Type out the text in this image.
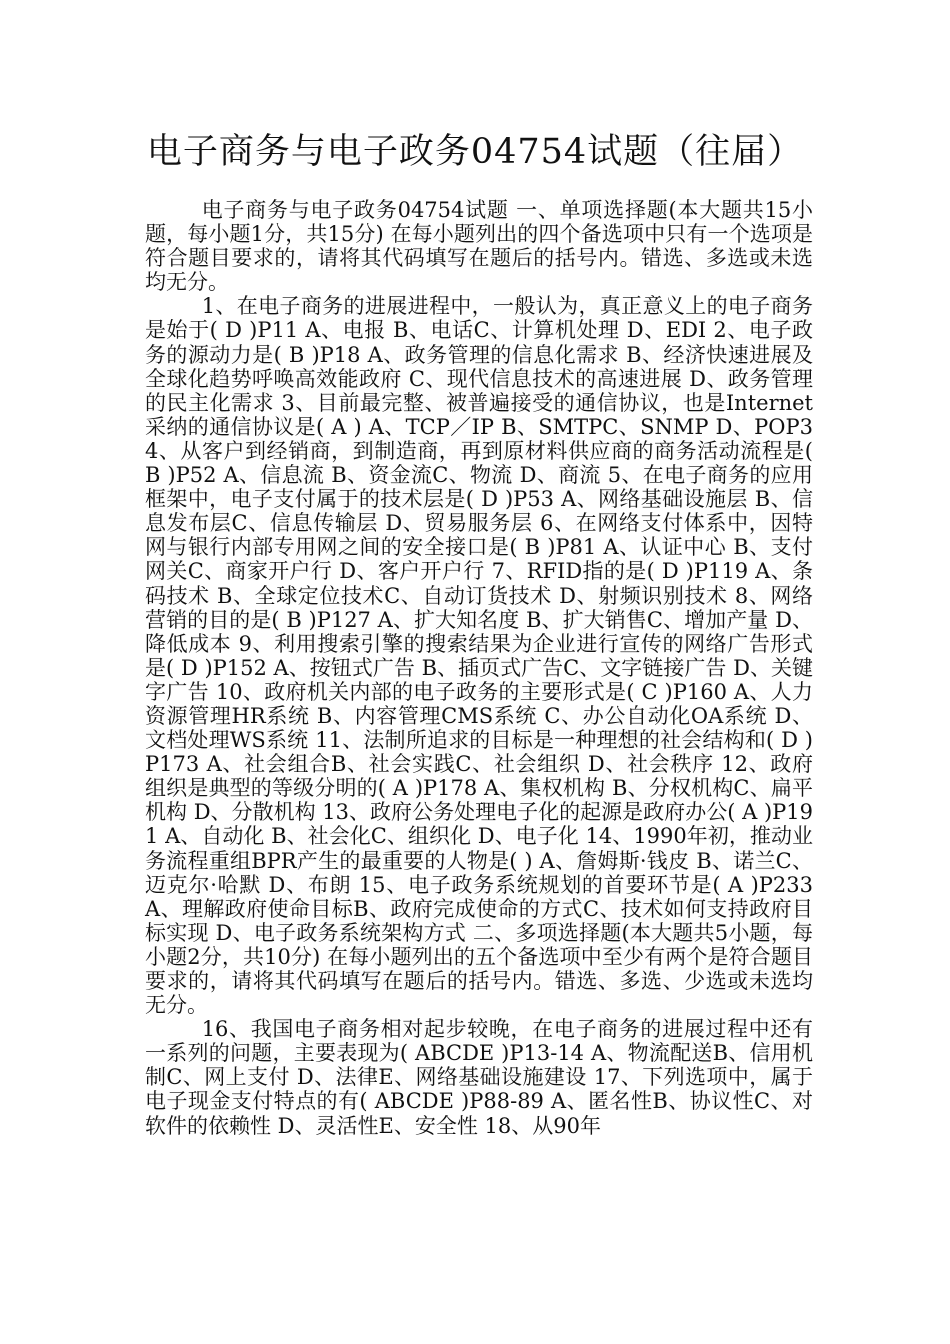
电子商务与电子政务04754试题（往届）

电子商务与电子政务04754试题 一、单项选择题(本大题共15小题，每小题1分，共15分) 在每小题列出的四个备选项中只有一个选项是符合题目要求的，请将其代码填写在题后的括号内。错选、多选或未选均无分。

1、在电子商务的进展进程中，一般认为，真正意义上的电子商务是始于( D )P11 A、电报 B、电话C、计算机处理 D、EDI 2、电子政务的源动力是( B )P18 A、政务管理的信息化需求 B、经济快速进展及全球化趋势呼唤高效能政府 C、现代信息技术的高速进展 D、政务管理的民主化需求 3、目前最完整、被普遍接受的通信协议，也是Internet采纳的通信协议是( A ) A、TCP／IP B、SMTPC、SNMP D、POP3 4、从客户到经销商，到制造商，再到原材料供应商的商务活动流程是( B )P52 A、信息流 B、资金流C、物流 D、商流 5、在电子商务的应用框架中，电子支付属于的技术层是( D )P53 A、网络基础设施层 B、信息发布层C、信息传输层 D、贸易服务层 6、在网络支付体系中，因特网与银行内部专用网之间的安全接口是( B )P81 A、认证中心 B、支付网关C、商家开户行 D、客户开户行 7、RFID指的是( D )P119 A、条码技术 B、全球定位技术C、自动订货技术 D、射频识别技术 8、网络营销的目的是( B )P127 A、扩大知名度 B、扩大销售C、增加产量 D、降低成本 9、利用搜索引擎的搜索结果为企业进行宣传的网络广告形式是( D )P152 A、按钮式广告 B、插页式广告C、文字链接广告 D、关键字广告 10、政府机关内部的电子政务的主要形式是( C )P160 A、人力资源管理HR系统 B、内容管理CMS系统 C、办公自动化OA系统 D、文档处理WS系统 11、法制所追求的目标是一种理想的社会结构和( D )P173 A、社会组合B、社会实践C、社会组织 D、社会秩序 12、政府组织是典型的等级分明的( A )P178 A、集权机构 B、分权机构C、扁平机构 D、分散机构 13、政府公务处理电子化的起源是政府办公( A )P191 A、自动化 B、社会化C、组织化 D、电子化 14、1990年初，推动业务流程重组BPR产生的最重要的人物是( ) A、詹姆斯·钱皮 B、诺兰C、迈克尔·哈默 D、布朗 15、电子政务系统规划的首要环节是( A )P233 A、理解政府使命目标B、政府完成使命的方式C、技术如何支持政府目标实现 D、电子政务系统架构方式 二、多项选择题(本大题共5小题，每小题2分，共10分) 在每小题列出的五个备选项中至少有两个是符合题目要求的，请将其代码填写在题后的括号内。错选、多选、少选或未选均无分。

16、我国电子商务相对起步较晚，在电子商务的进展过程中还有一系列的问题，主要表现为( ABCDE )P13-14 A、物流配送B、信用机制C、网上支付 D、法律E、网络基础设施建设 17、下列选项中，属于电子现金支付特点的有( ABCDE )P88-89 A、匿名性B、协议性C、对软件的依赖性 D、灵活性E、安全性 18、从90年
